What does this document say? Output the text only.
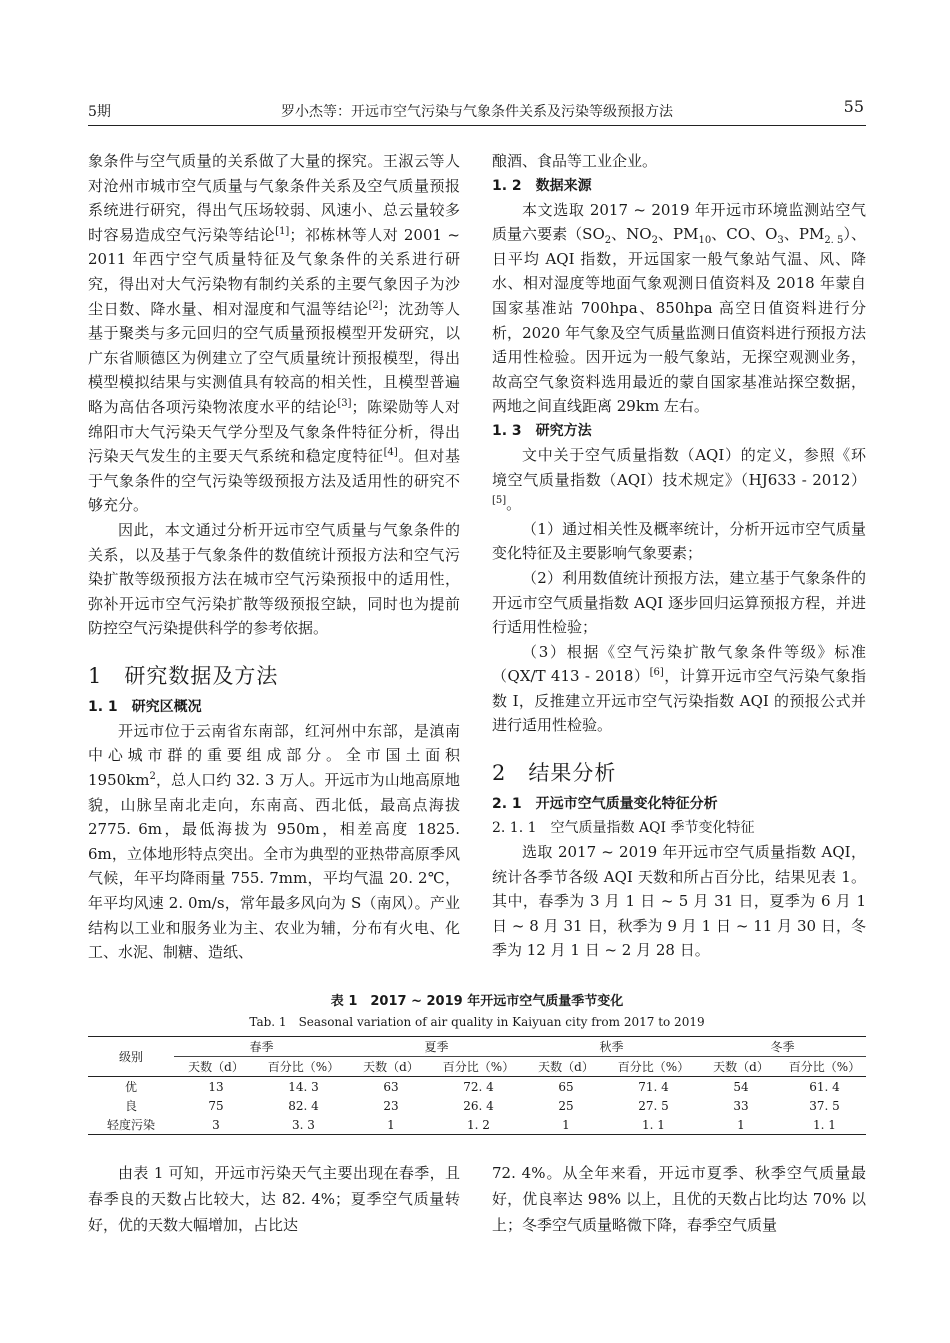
5期	罗小杰等：开远市空气污染与气象条件关系及污染等级预报方法	55

象条件与空气质量的关系做了大量的探究。王淑云等人对沧州市城市空气质量与气象条件关系及空气质量预报系统进行研究，得出气压场较弱、风速小、总云量较多时容易造成空气污染等结论[1]；祁栋林等人对 2001 ~ 2011 年西宁空气质量特征及气象条件的关系进行研究，得出对大气污染物有制约关系的主要气象因子为沙尘日数、降水量、相对湿度和气温等结论[2]；沈劲等人基于聚类与多元回归的空气质量预报模型开发研究，以广东省顺德区为例建立了空气质量统计预报模型，得出模型模拟结果与实测值具有较高的相关性，且模型普遍略为高估各项污染物浓度水平的结论[3]；陈梁勋等人对绵阳市大气污染天气学分型及气象条件特征分析，得出污染天气发生的主要天气系统和稳定度特征[4]。但对基于气象条件的空气污染等级预报方法及适用性的研究不够充分。

因此，本文通过分析开远市空气质量与气象条件的关系，以及基于气象条件的数值统计预报方法和空气污染扩散等级预报方法在城市空气污染预报中的适用性，弥补开远市空气污染扩散等级预报空缺，同时也为提前防控空气污染提供科学的参考依据。

1　研究数据及方法
1. 1　研究区概况

开远市位于云南省东南部，红河州中东部，是滇南中心城市群的重要组成部分。全市国土面积 $1950km^2$，总人口约 32. 3 万人。开远市为山地高原地貌，山脉呈南北走向，东南高、西北低，最高点海拔 2775. 6m，最低海拔为 950m，相差高度 1825. 6m，立体地形特点突出。全市为典型的亚热带高原季风气候，年平均降雨量 755. 7mm，平均气温 20. 2℃，年平均风速 2. 0m/s，常年最多风向为 S（南风）。产业结构以工业和服务业为主、农业为辅，分布有火电、化工、水泥、制糖、造纸、

酿酒、食品等工业企业。

1. 2　数据来源

本文选取 2017 ~ 2019 年开远市环境监测站空气质量六要素（$SO_2$、$NO_2$、$PM_{10}$、CO、$O_3$、$PM_{2. 5}$）、日平均 AQI 指数，开远国家一般气象站气温、风、降水、相对湿度等地面气象观测日值资料及 2018 年蒙自国家基准站 700hpa、850hpa 高空日值资料进行分析，2020 年气象及空气质量监测日值资料进行预报方法适用性检验。因开远为一般气象站，无探空观测业务，故高空气象资料选用最近的蒙自国家基准站探空数据，两地之间直线距离 29km 左右。

1. 3　研究方法

文中关于空气质量指数（AQI）的定义，参照《环境空气质量指数（AQI）技术规定》（HJ633 - 2012）[5]。

（1）通过相关性及概率统计，分析开远市空气质量变化特征及主要影响气象要素；

（2）利用数值统计预报方法，建立基于气象条件的开远市空气质量指数 AQI 逐步回归运算预报方程，并进行适用性检验；

（3）根据《空气污染扩散气象条件等级》标准（QX/T 413 - 2018）[6]，计算开远市空气污染气象指数 I，反推建立开远市空气污染指数 AQI 的预报公式并进行适用性检验。

2　结果分析
2. 1　开远市空气质量变化特征分析
2. 1. 1　空气质量指数 AQI 季节变化特征

选取 2017 ~ 2019 年开远市空气质量指数 AQI，统计各季节各级 AQI 天数和所占百分比，结果见表 1。其中，春季为 3 月 1 日 ~ 5 月 31 日，夏季为 6 月 1 日 ~ 8 月 31 日，秋季为 9 月 1 日 ~ 11 月 30 日，冬季为 12 月 1 日 ~ 2 月 28 日。

表 1　2017 ~ 2019 年开远市空气质量季节变化
Tab. 1　Seasonal variation of air quality in Kaiyuan city from 2017 to 2019
级别	春季		夏季		秋季		冬季	
	天数（d）	百分比（%）	天数（d）	百分比（%）	天数（d）	百分比（%）	天数（d）	百分比（%）
优	13	14. 3	63	72. 4	65	71. 4	54	61. 4
良	75	82. 4	23	26. 4	25	27. 5	33	37. 5
轻度污染	3	3. 3	1	1. 2	1	1. 1	1	1. 1

由表 1 可知，开远市污染天气主要出现在春季，且春季良的天数占比较大，达 82. 4%；夏季空气质量转好，优的天数大幅增加，占比达

72. 4%。从全年来看，开远市夏季、秋季空气质量最好，优良率达 98% 以上，且优的天数占比均达 70% 以上；冬季空气质量略微下降，春季空气质量
